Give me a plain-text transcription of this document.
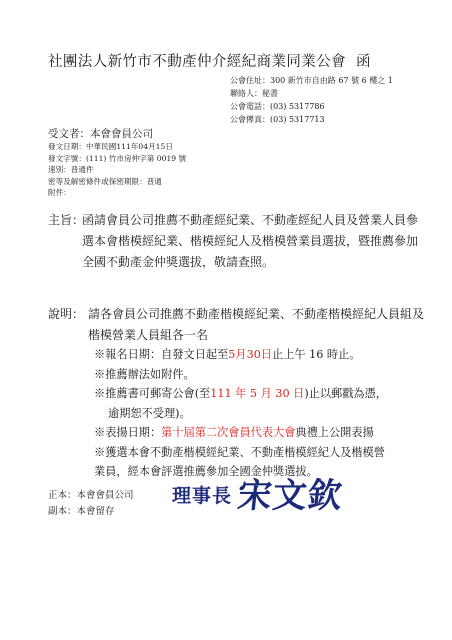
社團法人新竹市不動產仲介經紀商業同業公會 函
公會住址：300 新竹市自由路 67 號 6 樓之 1
聯絡人：秘書
公會電話：(03) 5317786
公會傳真：(03) 5317713
受文者：本會會員公司
發文日期：中華民國111年04月15日
發文字號：(111) 竹市房仲字第 0019 號
速別：普通件
密等及解密條件或保密期限：普通
附件：
主旨：
函請會員公司推薦不動產經紀業、不動產經紀人員及營業人員參選本會楷模經紀業、楷模經紀人及楷模營業員選拔，暨推薦參加全國不動產金仲獎選拔，敬請查照。
說明： 請各會員公司推薦不動產楷模經紀業、不動產楷模經紀人員組及楷模營業人員組各一名
※報名日期：自發文日起至5月30日止上午 16 時止。
※推薦辦法如附件。
※推薦書可郵寄公會(至111 年 5 月 30 日)止以郵戳為憑，
逾期恕不受理)。
※表揚日期：第十屆第二次會員代表大會典禮上公開表揚
※獲選本會不動產楷模經紀業、不動產楷模經紀人及楷模營業員，經本會評選推薦參加全國金仲獎選拔。
正本：本會會員公司
副本：本會留存
理事長 宋文欽
